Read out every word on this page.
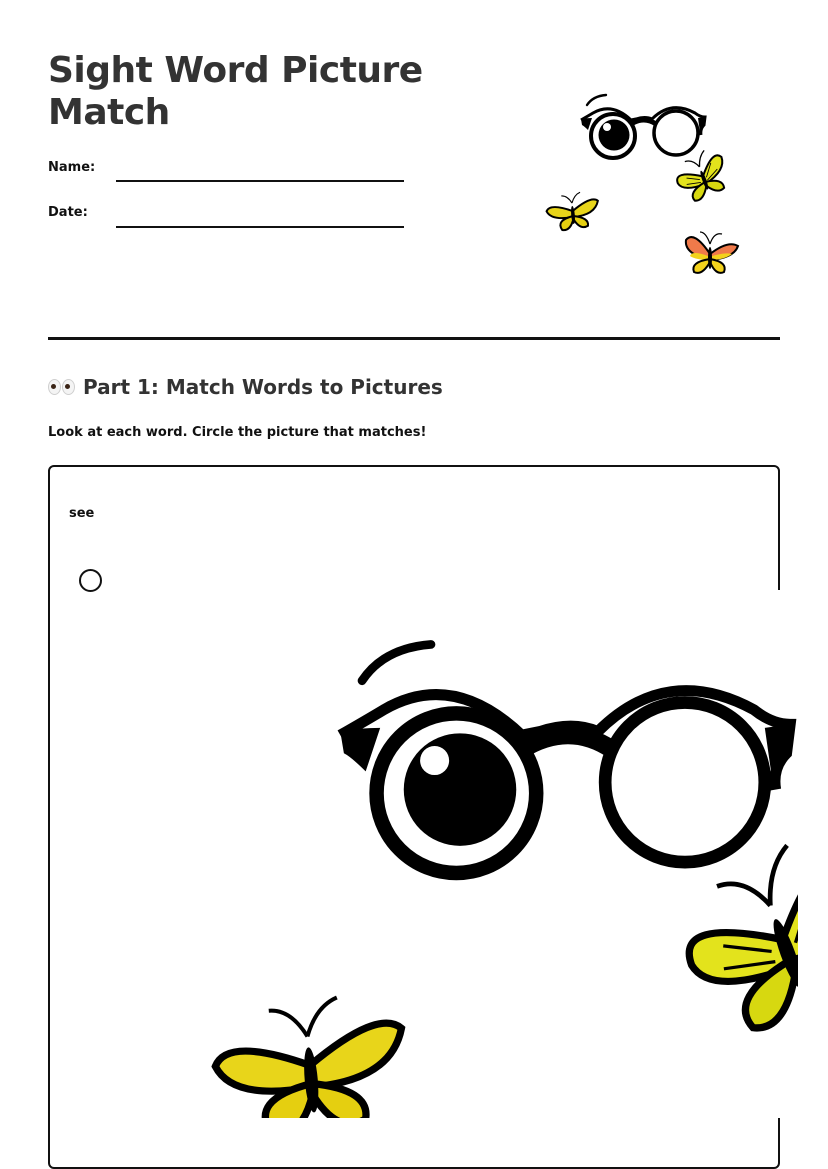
Sight Word Picture Match
Name:
Date:
Part 1: Match Words to Pictures
Look at each word. Circle the picture that matches!
see
